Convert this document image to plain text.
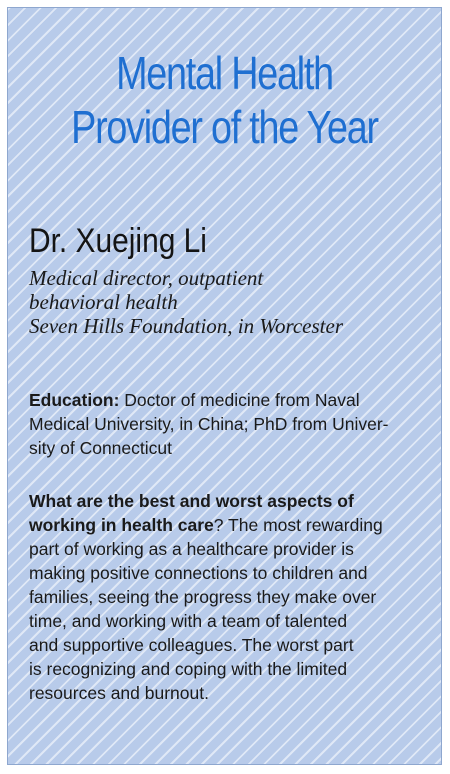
Mental Health
Provider of the Year
Dr. Xuejing Li
Medical director, outpatient
behavioral health
Seven Hills Foundation, in Worcester
Education: Doctor of medicine from Naval
Medical University, in China; PhD from Univer-
sity of Connecticut
What are the best and worst aspects of
working in health care? The most rewarding
part of working as a healthcare provider is
making positive connections to children and
families, seeing the progress they make over
time, and working with a team of talented
and supportive colleagues. The worst part
is recognizing and coping with the limited
resources and burnout.
